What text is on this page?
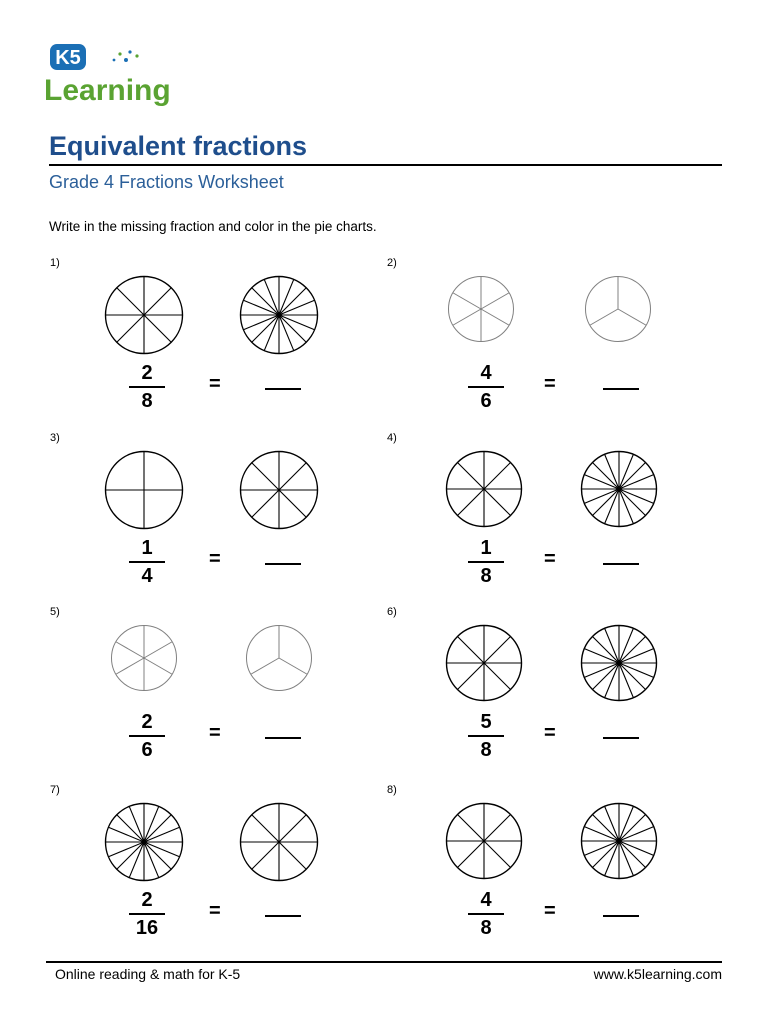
K5
Learning
Equivalent fractions
Grade 4 Fractions Worksheet
Write in the missing fraction and color in the pie charts.
1)
2
8
=
2)
4
6
=
3)
1
4
=
4)
1
8
=
5)
2
6
=
6)
5
8
=
7)
2
16
=
8)
4
8
=
Online reading & math for K-5	www.k5learning.com
